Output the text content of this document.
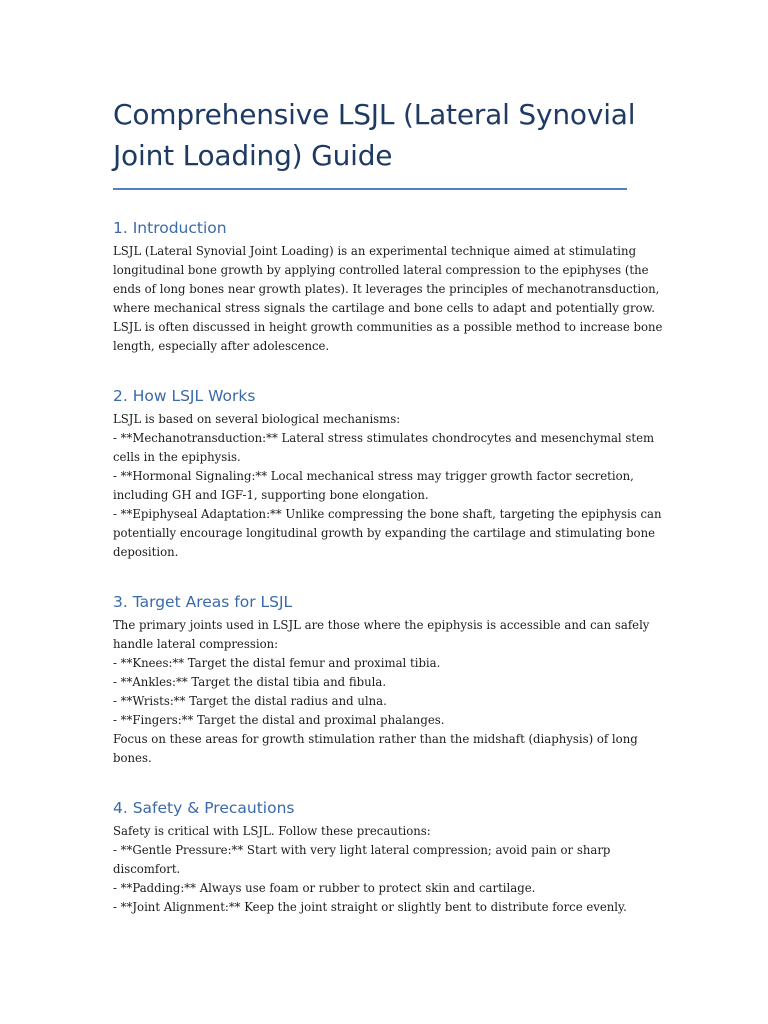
Comprehensive LSJL (Lateral Synovial
Joint Loading) Guide
1. Introduction

LSJL (Lateral Synovial Joint Loading) is an experimental technique aimed at stimulating
longitudinal bone growth by applying controlled lateral compression to the epiphyses (the
ends of long bones near growth plates). It leverages the principles of mechanotransduction,
where mechanical stress signals the cartilage and bone cells to adapt and potentially grow.
LSJL is often discussed in height growth communities as a possible method to increase bone
length, especially after adolescence.

2. How LSJL Works

LSJL is based on several biological mechanisms:
- **Mechanotransduction:** Lateral stress stimulates chondrocytes and mesenchymal stem
cells in the epiphysis.
- **Hormonal Signaling:** Local mechanical stress may trigger growth factor secretion,
including GH and IGF-1, supporting bone elongation.
- **Epiphyseal Adaptation:** Unlike compressing the bone shaft, targeting the epiphysis can
potentially encourage longitudinal growth by expanding the cartilage and stimulating bone
deposition.

3. Target Areas for LSJL

The primary joints used in LSJL are those where the epiphysis is accessible and can safely
handle lateral compression:
- **Knees:** Target the distal femur and proximal tibia.
- **Ankles:** Target the distal tibia and fibula.
- **Wrists:** Target the distal radius and ulna.
- **Fingers:** Target the distal and proximal phalanges.
Focus on these areas for growth stimulation rather than the midshaft (diaphysis) of long
bones.

4. Safety & Precautions

Safety is critical with LSJL. Follow these precautions:
- **Gentle Pressure:** Start with very light lateral compression; avoid pain or sharp
discomfort.
- **Padding:** Always use foam or rubber to protect skin and cartilage.
- **Joint Alignment:** Keep the joint straight or slightly bent to distribute force evenly.
